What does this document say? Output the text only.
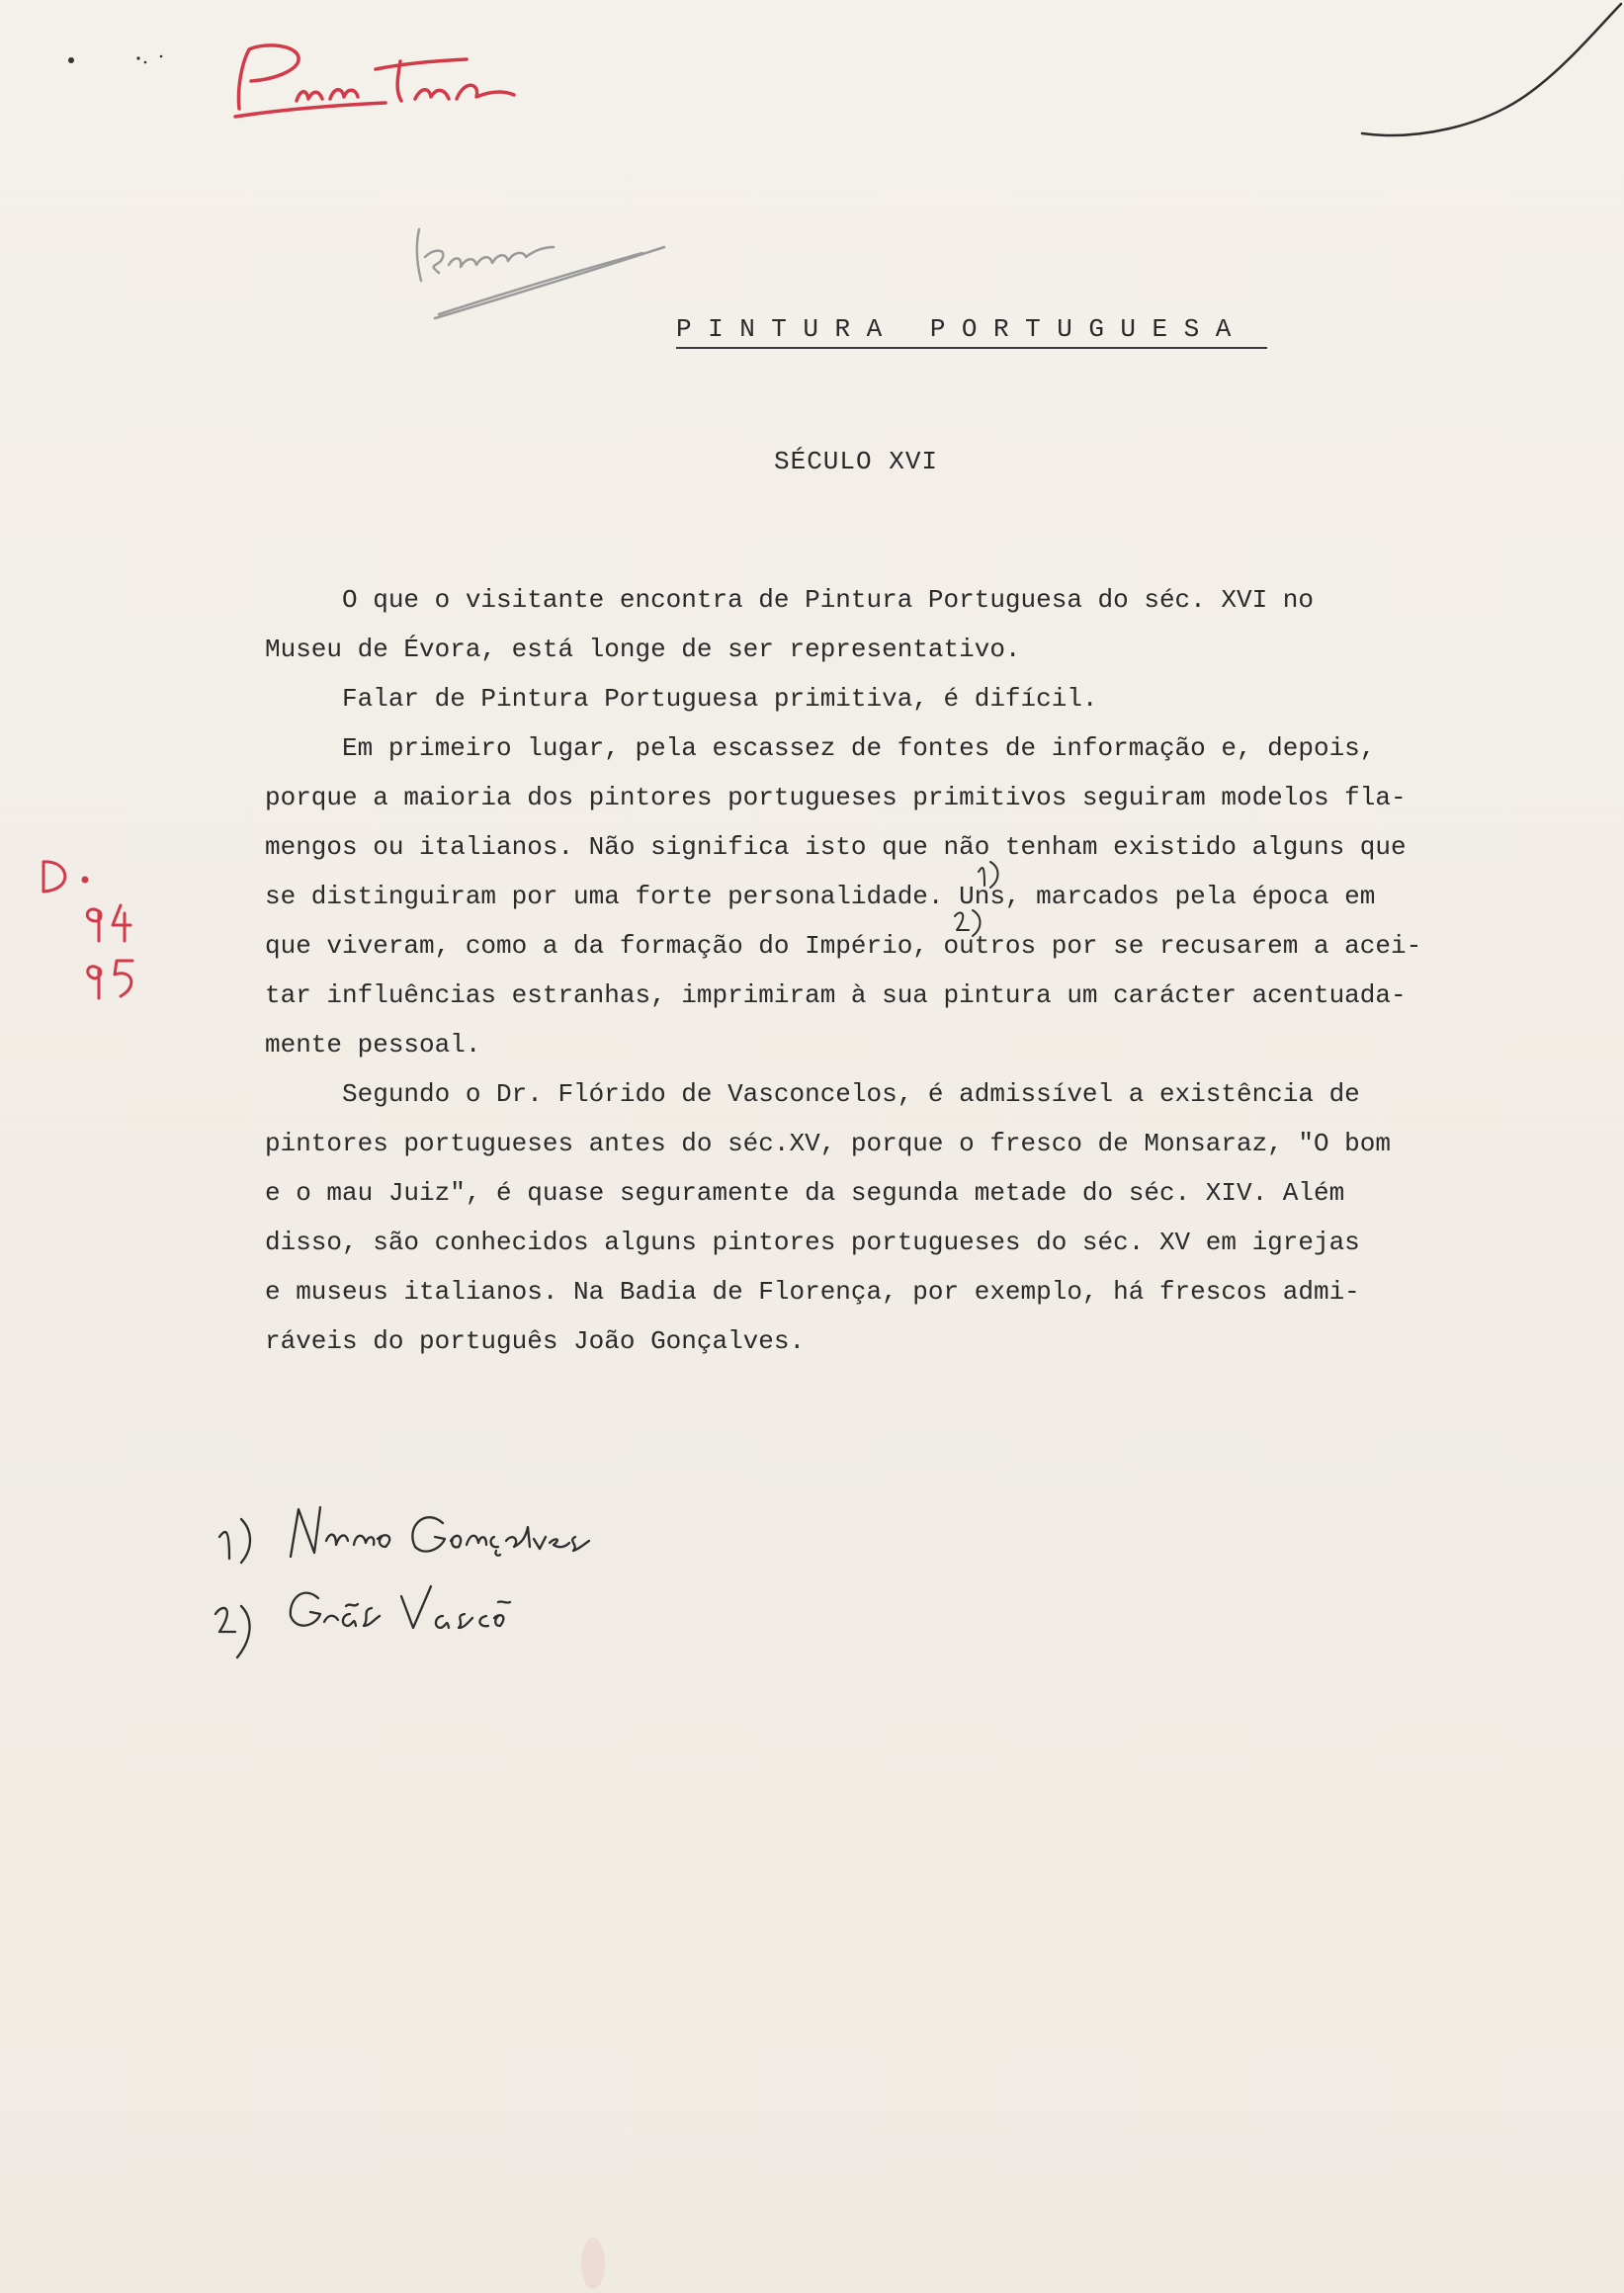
PINTURA PORTUGUESA
SÉCULO XVI
O que o visitante encontra de Pintura Portuguesa do séc. XVI no
Museu de Évora, está longe de ser representativo.
Falar de Pintura Portuguesa primitiva, é difícil.
Em primeiro lugar, pela escassez de fontes de informação e, depois,
porque a maioria dos pintores portugueses primitivos seguiram modelos fla-
mengos ou italianos. Não significa isto que não tenham existido alguns que
se distinguiram por uma forte personalidade. Uns, marcados pela época em
que viveram, como a da formação do Império, outros por se recusarem a acei-
tar influências estranhas, imprimiram à sua pintura um carácter acentuada-
mente pessoal.
Segundo o Dr. Flórido de Vasconcelos, é admissível a existência de
pintores portugueses antes do séc.XV, porque o fresco de Monsaraz, "O bom
e o mau Juiz", é quase seguramente da segunda metade do séc. XIV. Além
disso, são conhecidos alguns pintores portugueses do séc. XV em igrejas
e museus italianos. Na Badia de Florença, por exemplo, há frescos admi-
ráveis do português João Gonçalves.
